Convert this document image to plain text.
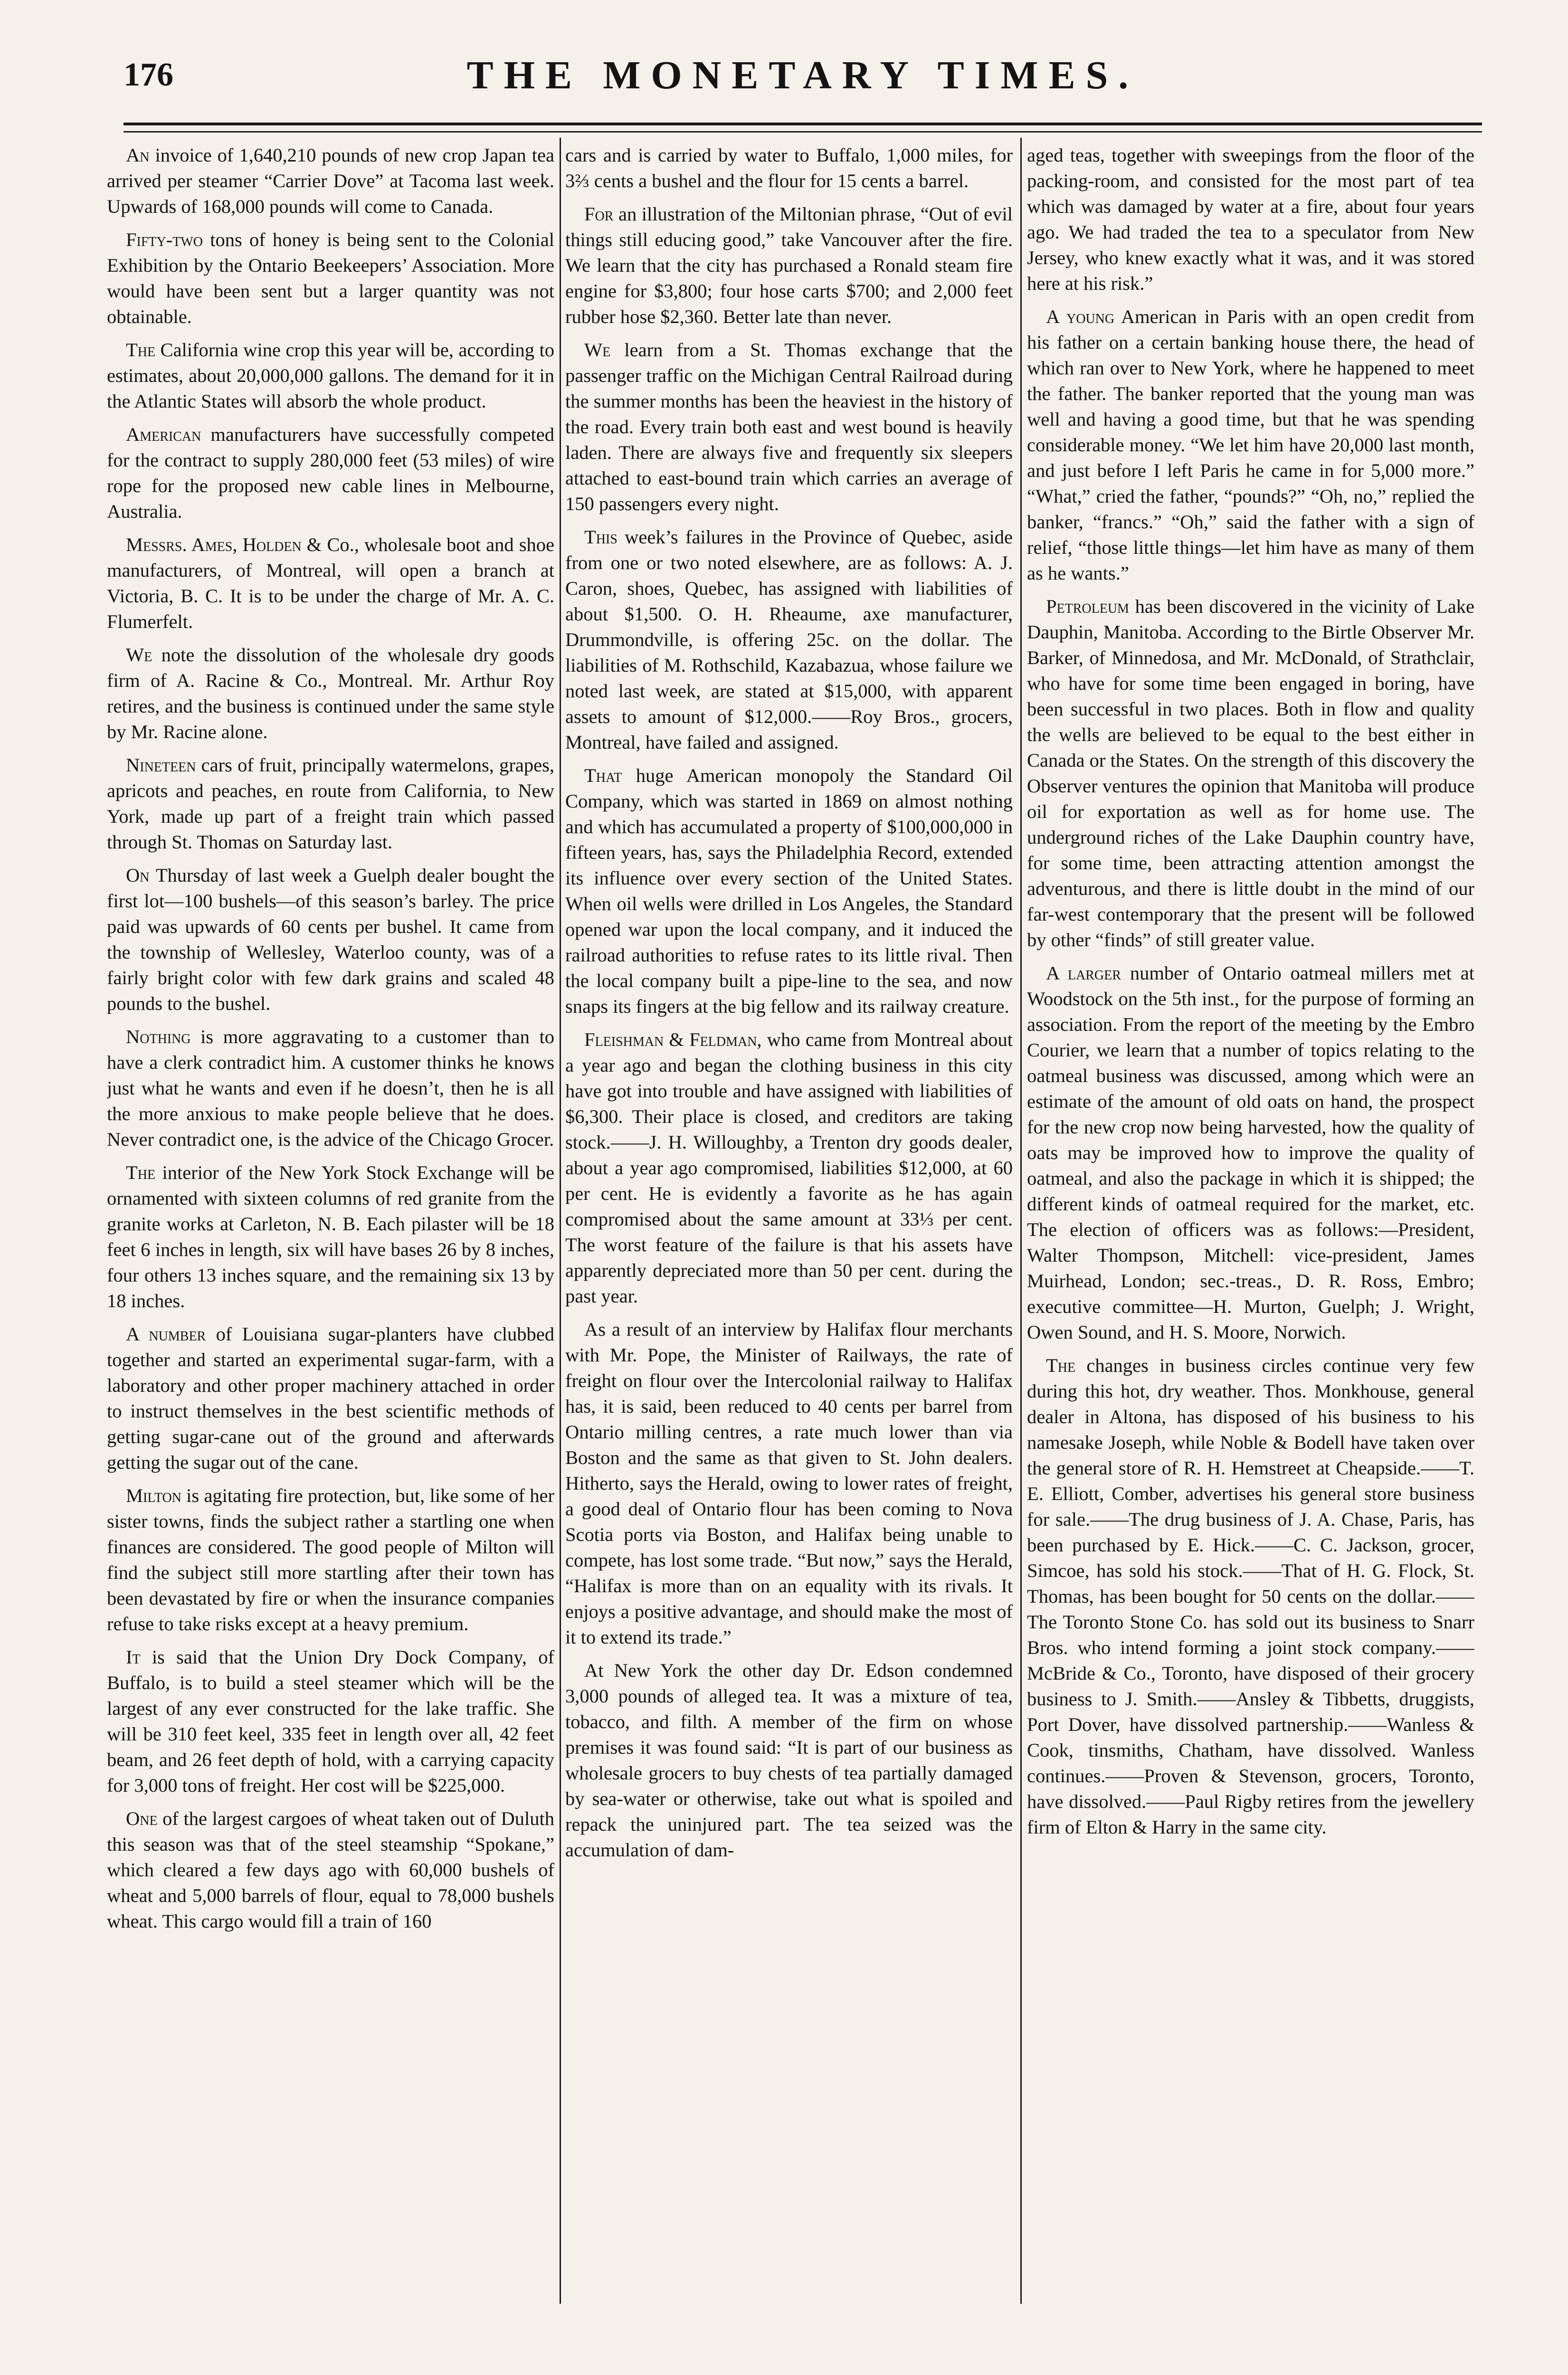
176	THE MONETARY TIMES.

An invoice of 1,640,210 pounds of new crop Japan tea arrived per steamer “Carrier Dove” at Tacoma last week. Upwards of 168,000 pounds will come to Canada.

Fifty-two tons of honey is being sent to the Colonial Exhibition by the Ontario Beekeepers’ Association. More would have been sent but a larger quantity was not obtainable.

The California wine crop this year will be, according to estimates, about 20,000,000 gallons. The demand for it in the Atlantic States will absorb the whole product.

American manufacturers have successfully competed for the contract to supply 280,000 feet (53 miles) of wire rope for the proposed new cable lines in Melbourne, Australia.

Messrs. Ames, Holden & Co., wholesale boot and shoe manufacturers, of Montreal, will open a branch at Victoria, B. C. It is to be under the charge of Mr. A. C. Flumerfelt.

We note the dissolution of the wholesale dry goods firm of A. Racine & Co., Montreal. Mr. Arthur Roy retires, and the business is continued under the same style by Mr. Racine alone.

Nineteen cars of fruit, principally watermelons, grapes, apricots and peaches, en route from California, to New York, made up part of a freight train which passed through St. Thomas on Saturday last.

On Thursday of last week a Guelph dealer bought the first lot—100 bushels—of this season’s barley. The price paid was upwards of 60 cents per bushel. It came from the township of Wellesley, Waterloo county, was of a fairly bright color with few dark grains and scaled 48 pounds to the bushel.

Nothing is more aggravating to a customer than to have a clerk contradict him. A customer thinks he knows just what he wants and even if he doesn’t, then he is all the more anxious to make people believe that he does. Never contradict one, is the advice of the Chicago Grocer.

The interior of the New York Stock Exchange will be ornamented with sixteen columns of red granite from the granite works at Carleton, N. B. Each pilaster will be 18 feet 6 inches in length, six will have bases 26 by 8 inches, four others 13 inches square, and the remaining six 13 by 18 inches.

A number of Louisiana sugar-planters have clubbed together and started an experimental sugar-farm, with a laboratory and other proper machinery attached in order to instruct themselves in the best scientific methods of getting sugar-cane out of the ground and afterwards getting the sugar out of the cane.

Milton is agitating fire protection, but, like some of her sister towns, finds the subject rather a startling one when finances are considered. The good people of Milton will find the subject still more startling after their town has been devastated by fire or when the insurance companies refuse to take risks except at a heavy premium.

It is said that the Union Dry Dock Company, of Buffalo, is to build a steel steamer which will be the largest of any ever constructed for the lake traffic. She will be 310 feet keel, 335 feet in length over all, 42 feet beam, and 26 feet depth of hold, with a carrying capacity for 3,000 tons of freight. Her cost will be $225,000.

One of the largest cargoes of wheat taken out of Duluth this season was that of the steel steamship “Spokane,” which cleared a few days ago with 60,000 bushels of wheat and 5,000 barrels of flour, equal to 78,000 bushels wheat. This cargo would fill a train of 160

cars and is carried by water to Buffalo, 1,000 miles, for 3⅔ cents a bushel and the flour for 15 cents a barrel.

For an illustration of the Miltonian phrase, “Out of evil things still educing good,” take Vancouver after the fire. We learn that the city has purchased a Ronald steam fire engine for $3,800; four hose carts $700; and 2,000 feet rubber hose $2,360. Better late than never.

We learn from a St. Thomas exchange that the passenger traffic on the Michigan Central Railroad during the summer months has been the heaviest in the history of the road. Every train both east and west bound is heavily laden. There are always five and frequently six sleepers attached to east-bound train which carries an average of 150 passengers every night.

This week’s failures in the Province of Quebec, aside from one or two noted elsewhere, are as follows: A. J. Caron, shoes, Quebec, has assigned with liabilities of about $1,500. O. H. Rheaume, axe manufacturer, Drummondville, is offering 25c. on the dollar. The liabilities of M. Rothschild, Kazabazua, whose failure we noted last week, are stated at $15,000, with apparent assets to amount of $12,000.——Roy Bros., grocers, Montreal, have failed and assigned.

That huge American monopoly the Standard Oil Company, which was started in 1869 on almost nothing and which has accumulated a property of $100,000,000 in fifteen years, has, says the Philadelphia Record, extended its influence over every section of the United States. When oil wells were drilled in Los Angeles, the Standard opened war upon the local company, and it induced the railroad authorities to refuse rates to its little rival. Then the local company built a pipe-line to the sea, and now snaps its fingers at the big fellow and its railway creature.

Fleishman & Feldman, who came from Montreal about a year ago and began the clothing business in this city have got into trouble and have assigned with liabilities of $6,300. Their place is closed, and creditors are taking stock.——J. H. Willoughby, a Trenton dry goods dealer, about a year ago compromised, liabilities $12,000, at 60 per cent. He is evidently a favorite as he has again compromised about the same amount at 33⅓ per cent. The worst feature of the failure is that his assets have apparently depreciated more than 50 per cent. during the past year.

As a result of an interview by Halifax flour merchants with Mr. Pope, the Minister of Railways, the rate of freight on flour over the Intercolonial railway to Halifax has, it is said, been reduced to 40 cents per barrel from Ontario milling centres, a rate much lower than via Boston and the same as that given to St. John dealers. Hitherto, says the Herald, owing to lower rates of freight, a good deal of Ontario flour has been coming to Nova Scotia ports via Boston, and Halifax being unable to compete, has lost some trade. “But now,” says the Herald, “Halifax is more than on an equality with its rivals. It enjoys a positive advantage, and should make the most of it to extend its trade.”

At New York the other day Dr. Edson condemned 3,000 pounds of alleged tea. It was a mixture of tea, tobacco, and filth. A member of the firm on whose premises it was found said: “It is part of our business as wholesale grocers to buy chests of tea partially damaged by sea-water or otherwise, take out what is spoiled and repack the uninjured part. The tea seized was the accumulation of dam-

aged teas, together with sweepings from the floor of the packing-room, and consisted for the most part of tea which was damaged by water at a fire, about four years ago. We had traded the tea to a speculator from New Jersey, who knew exactly what it was, and it was stored here at his risk.”

A young American in Paris with an open credit from his father on a certain banking house there, the head of which ran over to New York, where he happened to meet the father. The banker reported that the young man was well and having a good time, but that he was spending considerable money. “We let him have 20,000 last month, and just before I left Paris he came in for 5,000 more.” “What,” cried the father, “pounds?” “Oh, no,” replied the banker, “francs.” “Oh,” said the father with a sign of relief, “those little things—let him have as many of them as he wants.”

Petroleum has been discovered in the vicinity of Lake Dauphin, Manitoba. According to the Birtle Observer Mr. Barker, of Minnedosa, and Mr. McDonald, of Strathclair, who have for some time been engaged in boring, have been successful in two places. Both in flow and quality the wells are believed to be equal to the best either in Canada or the States. On the strength of this discovery the Observer ventures the opinion that Manitoba will produce oil for exportation as well as for home use. The underground riches of the Lake Dauphin country have, for some time, been attracting attention amongst the adventurous, and there is little doubt in the mind of our far-west contemporary that the present will be followed by other “finds” of still greater value.

A larger number of Ontario oatmeal millers met at Woodstock on the 5th inst., for the purpose of forming an association. From the report of the meeting by the Embro Courier, we learn that a number of topics relating to the oatmeal business was discussed, among which were an estimate of the amount of old oats on hand, the prospect for the new crop now being harvested, how the quality of oats may be improved how to improve the quality of oatmeal, and also the package in which it is shipped; the different kinds of oatmeal required for the market, etc. The election of officers was as follows:—President, Walter Thompson, Mitchell: vice-president, James Muirhead, London; sec.-treas., D. R. Ross, Embro; executive committee—H. Murton, Guelph; J. Wright, Owen Sound, and H. S. Moore, Norwich.

The changes in business circles continue very few during this hot, dry weather. Thos. Monkhouse, general dealer in Altona, has disposed of his business to his namesake Joseph, while Noble & Bodell have taken over the general store of R. H. Hemstreet at Cheapside.——T. E. Elliott, Comber, advertises his general store business for sale.——The drug business of J. A. Chase, Paris, has been purchased by E. Hick.——C. C. Jackson, grocer, Simcoe, has sold his stock.——That of H. G. Flock, St. Thomas, has been bought for 50 cents on the dollar.——The Toronto Stone Co. has sold out its business to Snarr Bros. who intend forming a joint stock company.——McBride & Co., Toronto, have disposed of their grocery business to J. Smith.——Ansley & Tibbetts, druggists, Port Dover, have dissolved partnership.——Wanless & Cook, tinsmiths, Chatham, have dissolved. Wanless continues.——Proven & Stevenson, grocers, Toronto, have dissolved.——Paul Rigby retires from the jewellery firm of Elton & Harry in the same city.
